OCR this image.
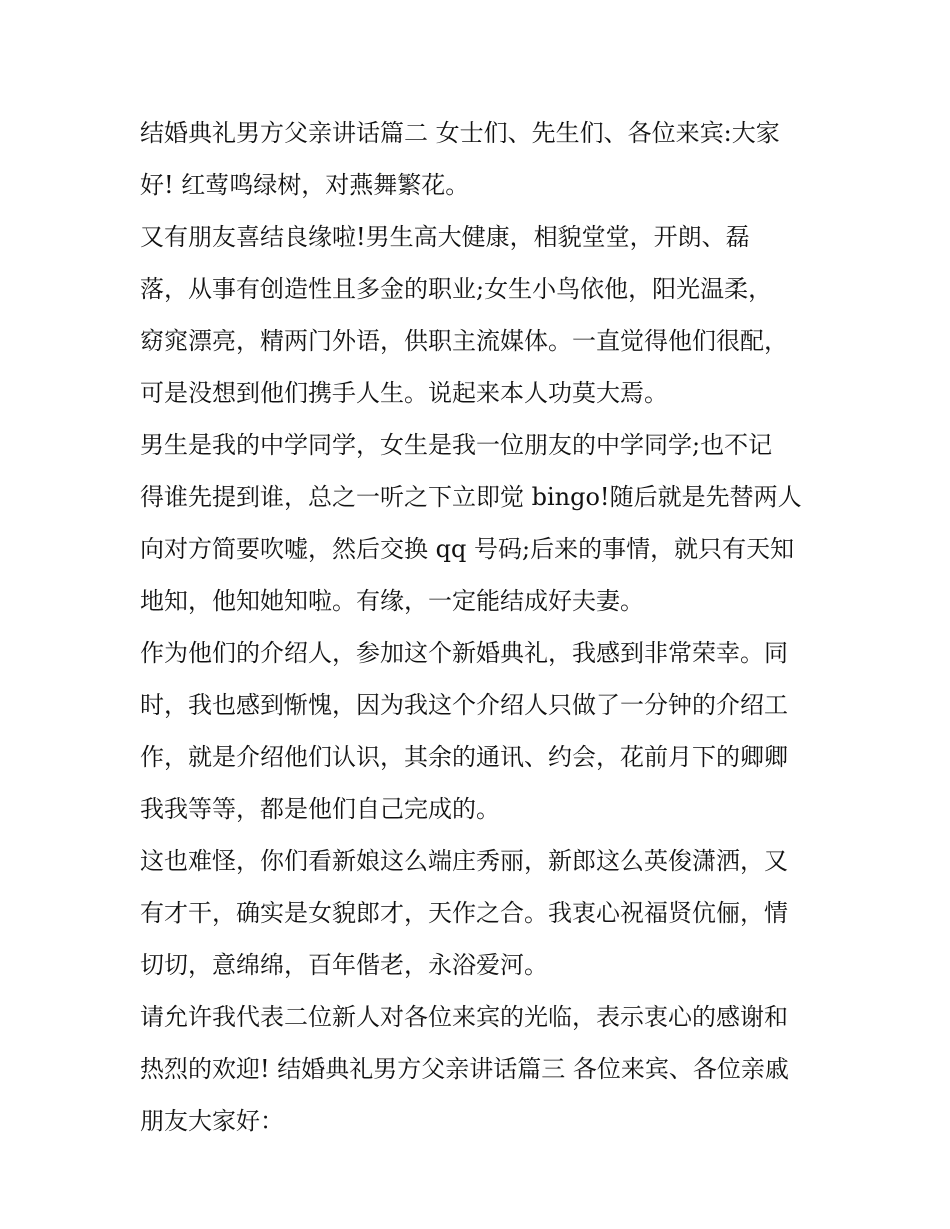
结婚典礼男方父亲讲话篇二 女士们、先生们、各位来宾:大家
好! 红莺鸣绿树，对燕舞繁花。
又有朋友喜结良缘啦!男生高大健康，相貌堂堂，开朗、磊
落，从事有创造性且多金的职业;女生小鸟依他，阳光温柔，
窈窕漂亮，精两门外语，供职主流媒体。一直觉得他们很配，
可是没想到他们携手人生。说起来本人功莫大焉。
男生是我的中学同学，女生是我一位朋友的中学同学;也不记
得谁先提到谁，总之一听之下立即觉 bingo!随后就是先替两人
向对方简要吹嘘，然后交换 qq 号码;后来的事情，就只有天知
地知，他知她知啦。有缘，一定能结成好夫妻。
作为他们的介绍人，参加这个新婚典礼，我感到非常荣幸。同
时，我也感到惭愧，因为我这个介绍人只做了一分钟的介绍工
作，就是介绍他们认识，其余的通讯、约会，花前月下的卿卿
我我等等，都是他们自己完成的。
这也难怪，你们看新娘这么端庄秀丽，新郎这么英俊潇洒，又
有才干，确实是女貌郎才，天作之合。我衷心祝福贤伉俪，情
切切，意绵绵，百年偕老，永浴爱河。
请允许我代表二位新人对各位来宾的光临，表示衷心的感谢和
热烈的欢迎! 结婚典礼男方父亲讲话篇三 各位来宾、各位亲戚
朋友大家好：
